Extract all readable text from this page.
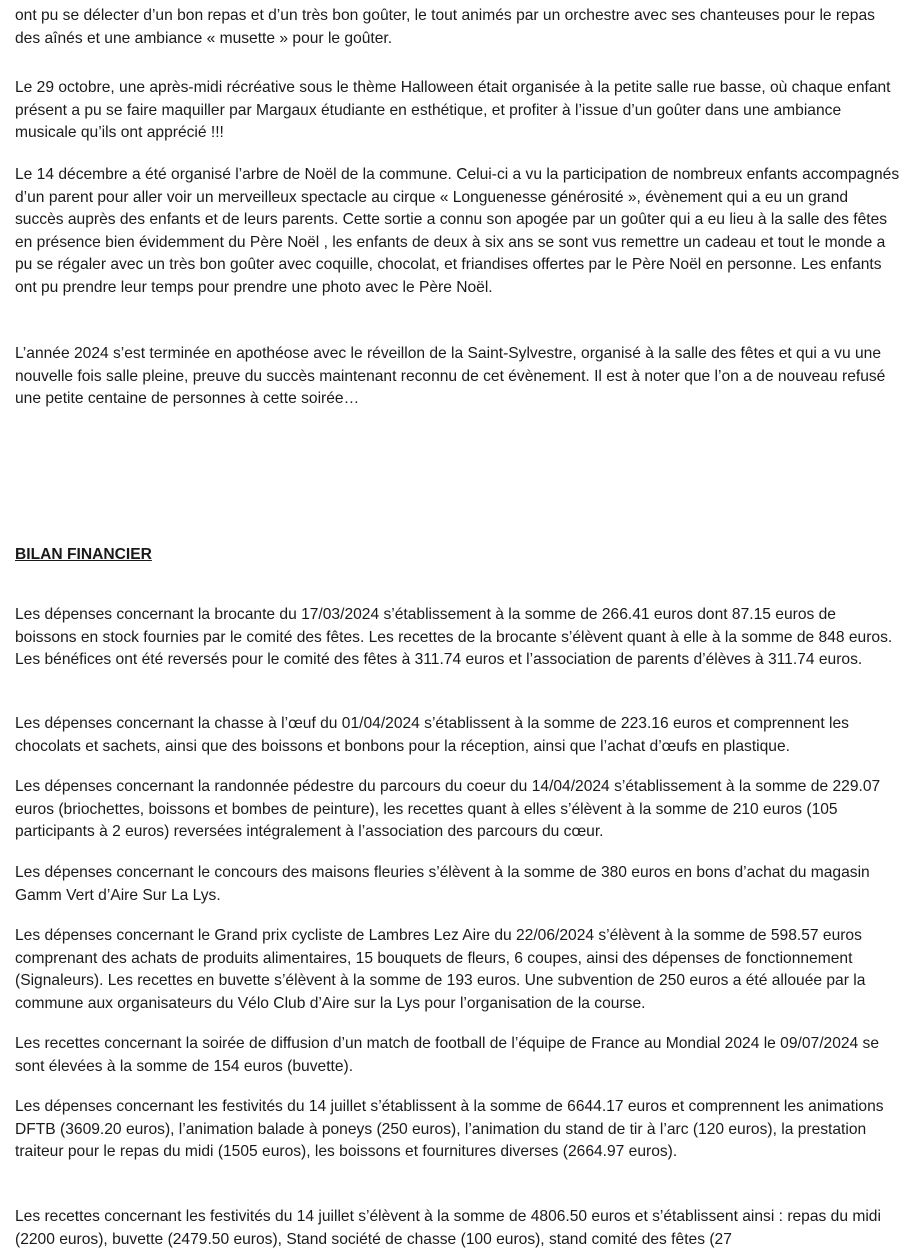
ont pu se délecter d’un bon repas et d’un très bon goûter, le tout animés par un orchestre avec ses chanteuses pour le repas des aînés et une ambiance « musette » pour le goûter.

Le 29 octobre, une après-midi récréative sous le thème Halloween était organisée à la petite salle rue basse, où chaque enfant présent a pu se faire maquiller par Margaux étudiante en esthétique, et profiter à l’issue d’un goûter dans une ambiance musicale qu’ils ont apprécié !!!

Le 14 décembre a été organisé l’arbre de Noël de la commune. Celui-ci a vu la participation de nombreux enfants accompagnés d’un parent pour aller voir un merveilleux spectacle au cirque « Longuenesse générosité », évènement qui a eu un grand succès auprès des enfants et de leurs parents. Cette sortie a connu son apogée par un goûter qui a eu lieu à la salle des fêtes en présence bien évidemment du Père Noël , les enfants de deux à six ans se sont vus remettre un cadeau et tout le monde a pu se régaler avec un très bon goûter avec coquille, chocolat, et friandises offertes par le Père Noël en personne. Les enfants ont pu prendre leur temps pour prendre une photo avec le Père Noël.

L’année 2024 s’est terminée en apothéose avec le réveillon de la Saint-Sylvestre, organisé à la salle des fêtes et qui a vu une nouvelle fois salle pleine, preuve du succès maintenant reconnu de cet évènement. Il est à noter que l’on a de nouveau refusé une petite centaine de personnes à cette soirée…

BILAN FINANCIER

Les dépenses concernant la brocante du 17/03/2024 s’établissement à la somme de 266.41 euros dont 87.15 euros de boissons en stock fournies par le comité des fêtes. Les recettes de la brocante s’élèvent quant à elle à la somme de 848 euros. Les bénéfices ont été reversés pour le comité des fêtes à 311.74 euros et l’association de parents d’élèves à 311.74 euros.

Les dépenses concernant la chasse à l’œuf du 01/04/2024 s’établissent à la somme de 223.16 euros et comprennent les chocolats et sachets, ainsi que des boissons et bonbons pour la réception, ainsi que l’achat d’œufs en plastique.

Les dépenses concernant la randonnée pédestre du parcours du coeur du 14/04/2024 s’établissement à la somme de 229.07 euros (briochettes, boissons et bombes de peinture), les recettes quant à elles s’élèvent à la somme de 210 euros (105 participants à 2 euros) reversées intégralement à l’association des parcours du cœur.

Les dépenses concernant le concours des maisons fleuries s’élèvent à la somme de 380 euros en bons d’achat du magasin Gamm Vert d’Aire Sur La Lys.

Les dépenses concernant le Grand prix cycliste de Lambres Lez Aire du 22/06/2024 s’élèvent à la somme de 598.57 euros comprenant des achats de produits alimentaires, 15 bouquets de fleurs, 6 coupes, ainsi des dépenses de fonctionnement (Signaleurs). Les recettes en buvette s’élèvent à la somme de 193 euros. Une subvention de 250 euros a été allouée par la commune aux organisateurs du Vélo Club d’Aire sur la Lys pour l’organisation de la course.

Les recettes concernant la soirée de diffusion d’un match de football de l’équipe de France au Mondial 2024 le 09/07/2024 se sont élevées à la somme de 154 euros (buvette).

Les dépenses concernant les festivités du 14 juillet s’établissent à la somme de 6644.17 euros et comprennent les animations DFTB (3609.20 euros), l’animation balade à poneys (250 euros), l’animation du stand de tir à l’arc (120 euros), la prestation traiteur pour le repas du midi (1505 euros), les boissons et fournitures diverses (2664.97 euros).

Les recettes concernant les festivités du 14 juillet s’élèvent à la somme de 4806.50 euros et s’établissent ainsi : repas du midi (2200 euros), buvette (2479.50 euros), Stand société de chasse (100 euros), stand comité des fêtes (27
